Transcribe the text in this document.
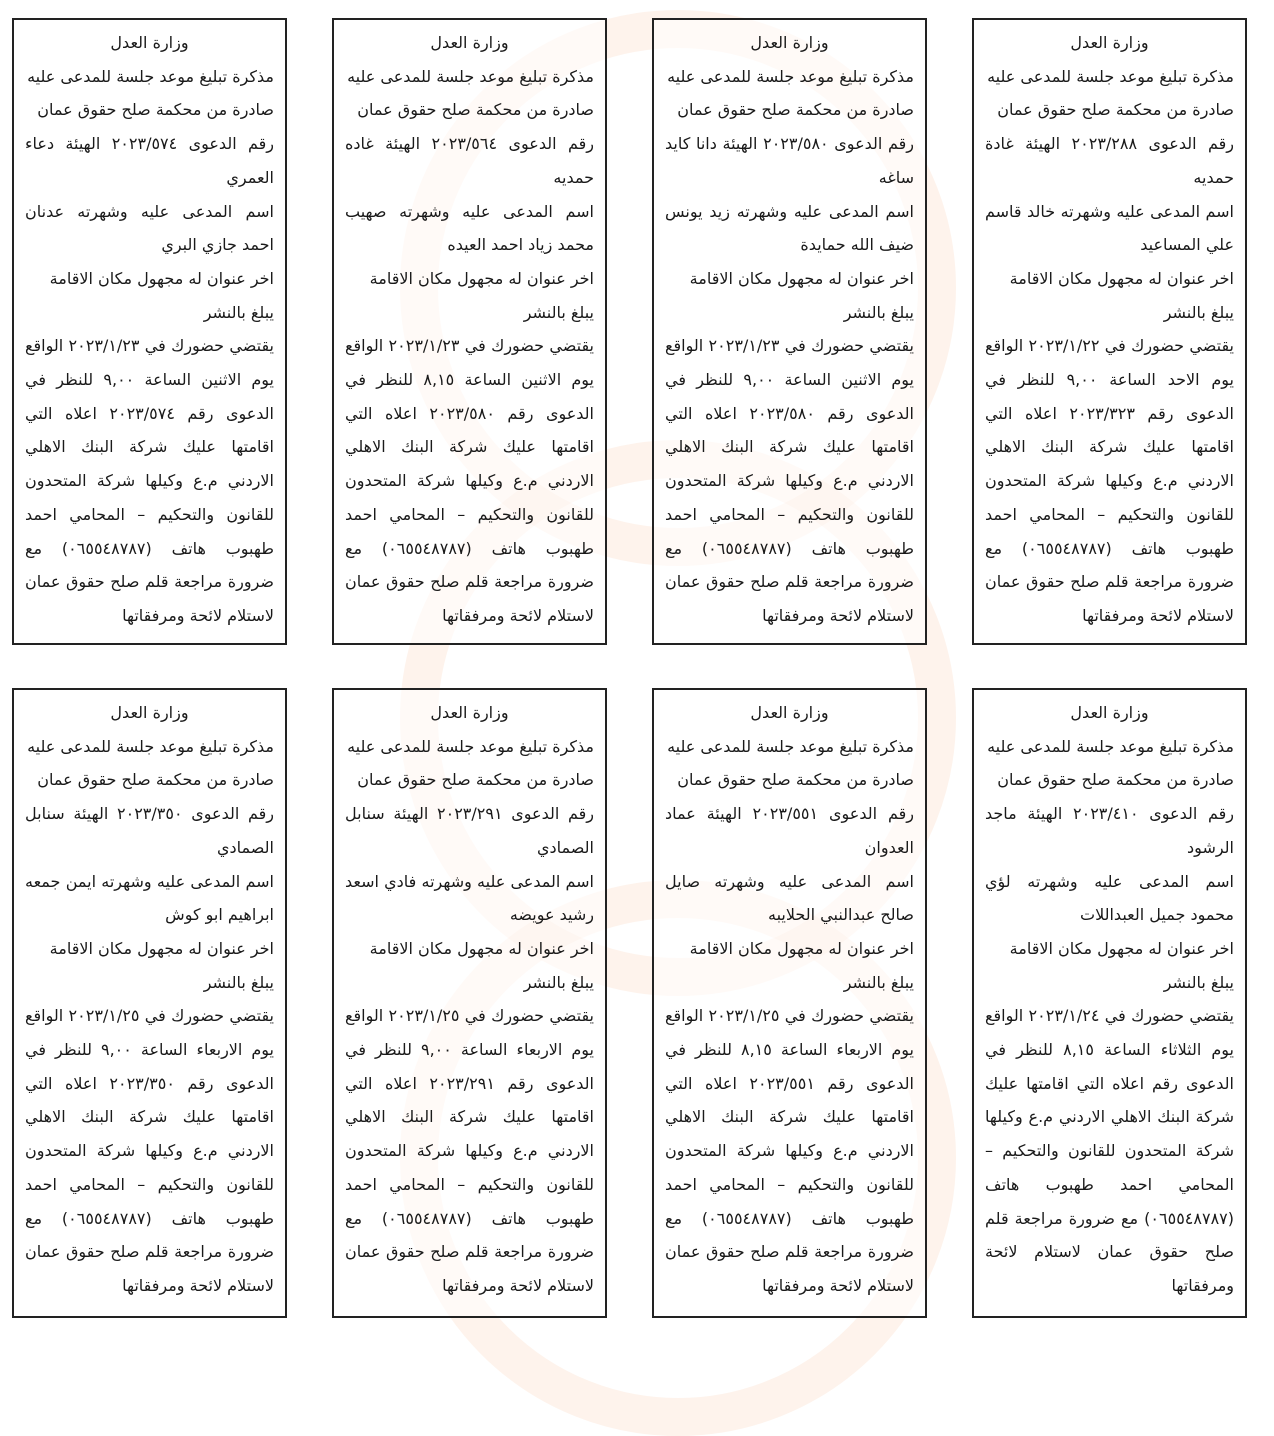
وزارة العدل

مذكرة تبليغ موعد جلسة للمدعى عليه

صادرة من محكمة صلح حقوق عمان

رقم الدعوى ٢٠٢٣/٢٨٨ الهيئة غادة حمديه

اسم المدعى عليه وشهرته خالد قاسم علي المساعيد

اخر عنوان له مجهول مكان الاقامة

يبلغ بالنشر

يقتضي حضورك في ٢٠٢٣/١/٢٢ الواقع يوم الاحد الساعة ٩,٠٠ للنظر في الدعوى رقم ٢٠٢٣/٣٢٣ اعلاه التي اقامتها عليك شركة البنك الاهلي الاردني م.ع وكيلها شركة المتحدون للقانون والتحكيم – المحامي احمد طهبوب هاتف (٠٦٥٥٤٨٧٨٧) مع ضرورة مراجعة قلم صلح حقوق عمان لاستلام لائحة ومرفقاتها

وزارة العدل

مذكرة تبليغ موعد جلسة للمدعى عليه

صادرة من محكمة صلح حقوق عمان

رقم الدعوى ٢٠٢٣/٥٨٠ الهيئة دانا كايد ساغه

اسم المدعى عليه وشهرته زيد يونس ضيف الله حمايدة

اخر عنوان له مجهول مكان الاقامة

يبلغ بالنشر

يقتضي حضورك في ٢٠٢٣/١/٢٣ الواقع يوم الاثنين الساعة ٩,٠٠ للنظر في الدعوى رقم ٢٠٢٣/٥٨٠ اعلاه التي اقامتها عليك شركة البنك الاهلي الاردني م.ع وكيلها شركة المتحدون للقانون والتحكيم – المحامي احمد طهبوب هاتف (٠٦٥٥٤٨٧٨٧) مع ضرورة مراجعة قلم صلح حقوق عمان لاستلام لائحة ومرفقاتها

وزارة العدل

مذكرة تبليغ موعد جلسة للمدعى عليه

صادرة من محكمة صلح حقوق عمان

رقم الدعوى ٢٠٢٣/٥٦٤ الهيئة غاده حمديه

اسم المدعى عليه وشهرته صهيب محمد زياد احمد العيده

اخر عنوان له مجهول مكان الاقامة

يبلغ بالنشر

يقتضي حضورك في ٢٠٢٣/١/٢٣ الواقع يوم الاثنين الساعة ٨,١٥ للنظر في الدعوى رقم ٢٠٢٣/٥٨٠ اعلاه التي اقامتها عليك شركة البنك الاهلي الاردني م.ع وكيلها شركة المتحدون للقانون والتحكيم – المحامي احمد طهبوب هاتف (٠٦٥٥٤٨٧٨٧) مع ضرورة مراجعة قلم صلح حقوق عمان لاستلام لائحة ومرفقاتها

وزارة العدل

مذكرة تبليغ موعد جلسة للمدعى عليه

صادرة من محكمة صلح حقوق عمان

رقم الدعوى ٢٠٢٣/٥٧٤ الهيئة دعاء العمري

اسم المدعى عليه وشهرته عدنان احمد جازي البري

اخر عنوان له مجهول مكان الاقامة

يبلغ بالنشر

يقتضي حضورك في ٢٠٢٣/١/٢٣ الواقع يوم الاثنين الساعة ٩,٠٠ للنظر في الدعوى رقم ٢٠٢٣/٥٧٤ اعلاه التي اقامتها عليك شركة البنك الاهلي الاردني م.ع وكيلها شركة المتحدون للقانون والتحكيم – المحامي احمد طهبوب هاتف (٠٦٥٥٤٨٧٨٧) مع ضرورة مراجعة قلم صلح حقوق عمان لاستلام لائحة ومرفقاتها

وزارة العدل

مذكرة تبليغ موعد جلسة للمدعى عليه

صادرة من محكمة صلح حقوق عمان

رقم الدعوى ٢٠٢٣/٤١٠ الهيئة ماجد الرشود

اسم المدعى عليه وشهرته لؤي محمود جميل العبداللات

اخر عنوان له مجهول مكان الاقامة

يبلغ بالنشر

يقتضي حضورك في ٢٠٢٣/١/٢٤ الواقع يوم الثلاثاء الساعة ٨,١٥ للنظر في الدعوى رقم اعلاه التي اقامتها عليك شركة البنك الاهلي الاردني م.ع وكيلها شركة المتحدون للقانون والتحكيم – المحامي احمد طهبوب هاتف (٠٦٥٥٤٨٧٨٧) مع ضرورة مراجعة قلم صلح حقوق عمان لاستلام لائحة ومرفقاتها

وزارة العدل

مذكرة تبليغ موعد جلسة للمدعى عليه

صادرة من محكمة صلح حقوق عمان

رقم الدعوى ٢٠٢٣/٥٥١ الهيئة عماد العدوان

اسم المدعى عليه وشهرته صايل صالح عبدالنبي الحلايبه

اخر عنوان له مجهول مكان الاقامة

يبلغ بالنشر

يقتضي حضورك في ٢٠٢٣/١/٢٥ الواقع يوم الاربعاء الساعة ٨,١٥ للنظر في الدعوى رقم ٢٠٢٣/٥٥١ اعلاه التي اقامتها عليك شركة البنك الاهلي الاردني م.ع وكيلها شركة المتحدون للقانون والتحكيم – المحامي احمد طهبوب هاتف (٠٦٥٥٤٨٧٨٧) مع ضرورة مراجعة قلم صلح حقوق عمان لاستلام لائحة ومرفقاتها

وزارة العدل

مذكرة تبليغ موعد جلسة للمدعى عليه

صادرة من محكمة صلح حقوق عمان

رقم الدعوى ٢٠٢٣/٢٩١ الهيئة سنابل الصمادي

اسم المدعى عليه وشهرته فادي اسعد رشيد عويضه

اخر عنوان له مجهول مكان الاقامة

يبلغ بالنشر

يقتضي حضورك في ٢٠٢٣/١/٢٥ الواقع يوم الاربعاء الساعة ٩,٠٠ للنظر في الدعوى رقم ٢٠٢٣/٢٩١ اعلاه التي اقامتها عليك شركة البنك الاهلي الاردني م.ع وكيلها شركة المتحدون للقانون والتحكيم – المحامي احمد طهبوب هاتف (٠٦٥٥٤٨٧٨٧) مع ضرورة مراجعة قلم صلح حقوق عمان لاستلام لائحة ومرفقاتها

وزارة العدل

مذكرة تبليغ موعد جلسة للمدعى عليه

صادرة من محكمة صلح حقوق عمان

رقم الدعوى ٢٠٢٣/٣٥٠ الهيئة سنابل الصمادي

اسم المدعى عليه وشهرته ايمن جمعه ابراهيم ابو كوش

اخر عنوان له مجهول مكان الاقامة

يبلغ بالنشر

يقتضي حضورك في ٢٠٢٣/١/٢٥ الواقع يوم الاربعاء الساعة ٩,٠٠ للنظر في الدعوى رقم ٢٠٢٣/٣٥٠ اعلاه التي اقامتها عليك شركة البنك الاهلي الاردني م.ع وكيلها شركة المتحدون للقانون والتحكيم – المحامي احمد طهبوب هاتف (٠٦٥٥٤٨٧٨٧) مع ضرورة مراجعة قلم صلح حقوق عمان لاستلام لائحة ومرفقاتها
